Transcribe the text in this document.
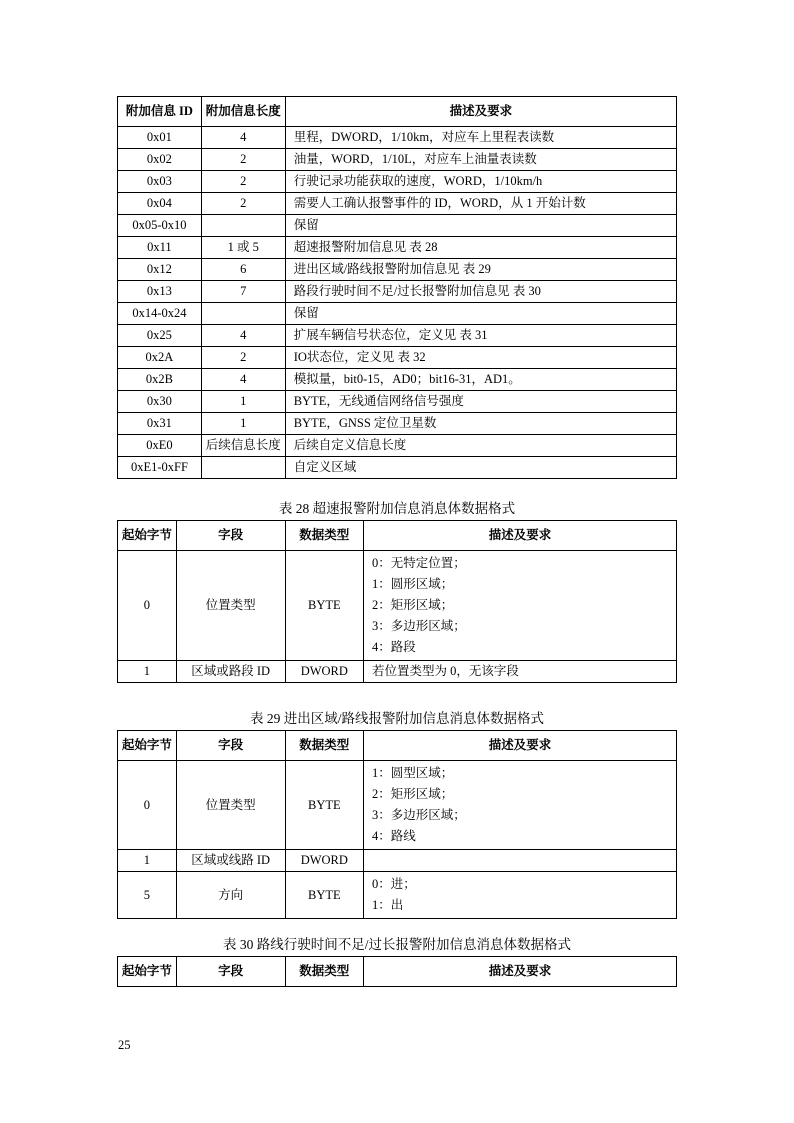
附加信息 ID	附加信息长度	描述及要求
0x01	4	里程，DWORD，1/10km，对应车上里程表读数
0x02	2	油量，WORD，1/10L，对应车上油量表读数
0x03	2	行驶记录功能获取的速度，WORD，1/10km/h
0x04	2	需要人工确认报警事件的 ID，WORD，从 1 开始计数
0x05-0x10		保留
0x11	1 或 5	超速报警附加信息见 表 28
0x12	6	进出区域/路线报警附加信息见 表 29
0x13	7	路段行驶时间不足/过长报警附加信息见 表 30
0x14-0x24		保留
0x25	4	扩展车辆信号状态位，定义见 表 31
0x2A	2	IO状态位，定义见 表 32
0x2B	4	模拟量，bit0-15，AD0；bit16-31，AD1。
0x30	1	BYTE，无线通信网络信号强度
0x31	1	BYTE，GNSS 定位卫星数
0xE0	后续信息长度	后续自定义信息长度
0xE1-0xFF		自定义区域
表 28 超速报警附加信息消息体数据格式
起始字节	字段	数据类型	描述及要求
0	位置类型	BYTE	0：无特定位置；
1：圆形区域；
2：矩形区域；
3：多边形区域；
4：路段

1	区域或路段 ID	DWORD	若位置类型为 0，无该字段
表 29 进出区域/路线报警附加信息消息体数据格式
起始字节	字段	数据类型	描述及要求
0	位置类型	BYTE	1：圆型区域；
2：矩形区域；
3：多边形区域；
4：路线

1	区域或线路 ID	DWORD	
5	方向	BYTE	0：进；
1：出
表 30 路线行驶时间不足/过长报警附加信息消息体数据格式
起始字节	字段	数据类型	描述及要求
25
